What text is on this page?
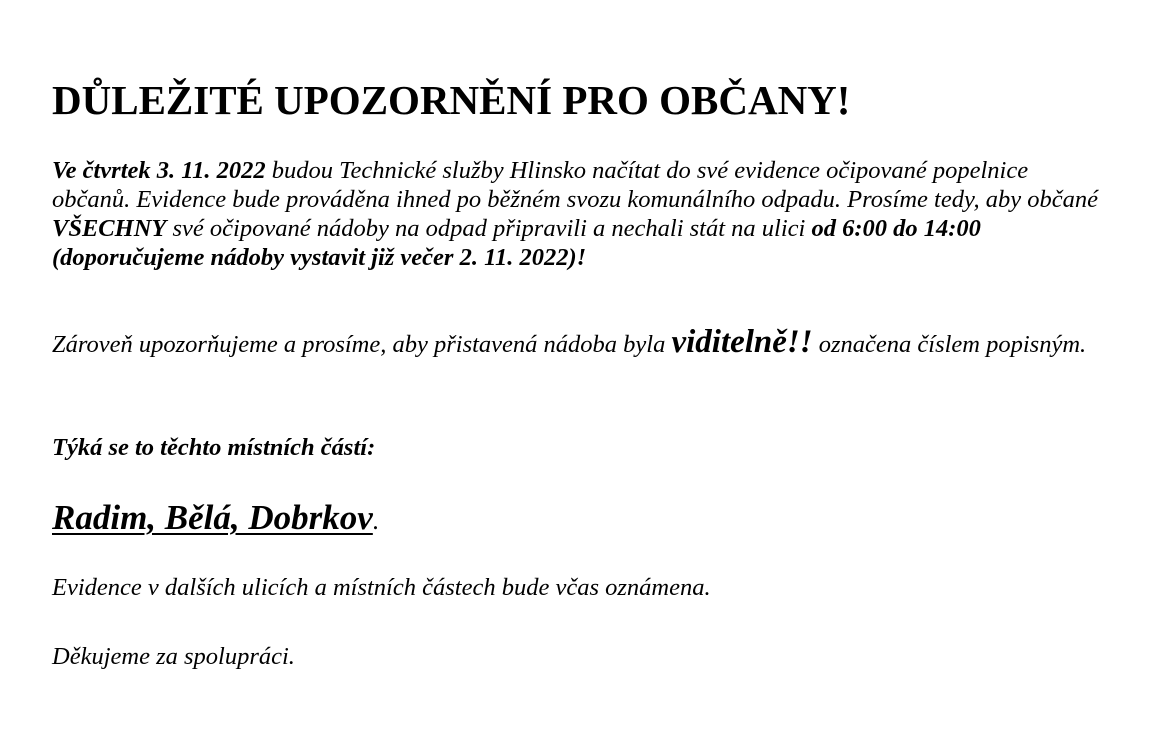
DŮLEŽITÉ UPOZORNĚNÍ PRO OBČANY!

Ve čtvrtek 3. 11. 2022 budou Technické služby Hlinsko načítat do své evidence očipované popelnice občanů. Evidence bude prováděna ihned po běžném svozu komunálního odpadu. Prosíme tedy, aby občané VŠECHNY své očipované nádoby na odpad připravili a nechali stát na ulici od 6:00 do 14:00 (doporučujeme nádoby vystavit již večer 2. 11. 2022)!

Zároveň upozorňujeme a prosíme, aby přistavená nádoba byla viditelně!! označena číslem popisným.

Týká se to těchto místních částí:

Radim, Bělá, Dobrkov.

Evidence v dalších ulicích a místních částech bude včas oznámena.

Děkujeme za spolupráci.
